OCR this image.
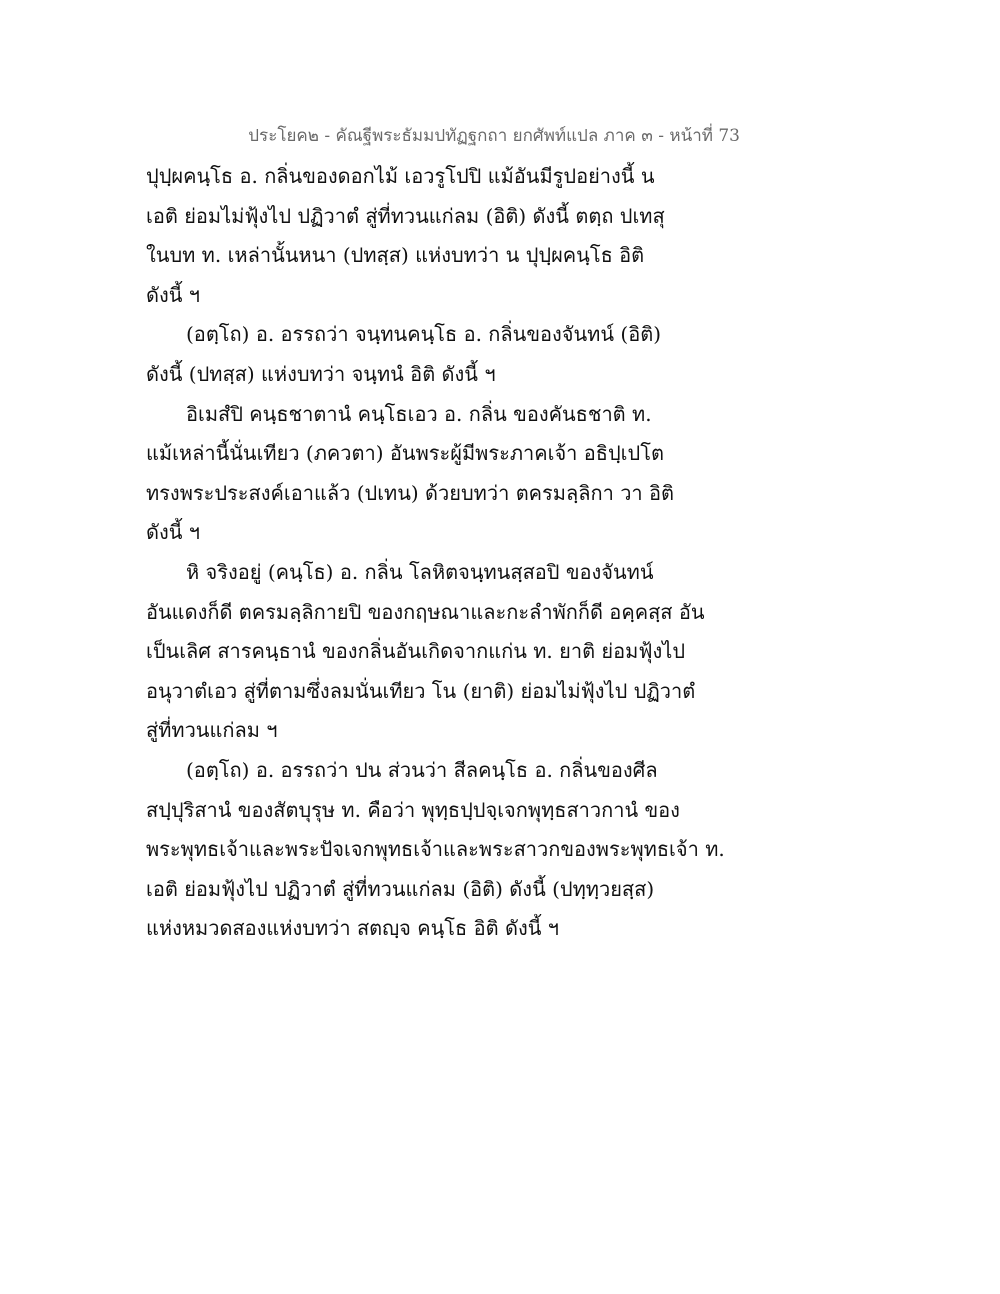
ประโยค๒ - คัณฐีพระธัมมปทัฏฐกถา ยกศัพท์แปล ภาค ๓ - หน้าที่ 73
ปุปฺผคนฺโธ อ. กลิ่นของดอกไม้ เอวรูโปปิ แม้อันมีรูปอย่างนี้ น
เอติ ย่อมไม่ฟุ้งไป ปฏิวาตํ สู่ที่ทวนแก่ลม (อิติ) ดังนี้ ตตฺถ ปเทสุ
ในบท ท. เหล่านั้นหนา (ปทสฺส) แห่งบทว่า น ปุปฺผคนฺโธ อิติ
ดังนี้ ฯ
(อตฺโถ) อ. อรรถว่า จนฺทนคนฺโธ อ. กลิ่นของจันทน์ (อิติ)
ดังนี้ (ปทสฺส) แห่งบทว่า จนฺทนํ อิติ ดังนี้ ฯ
อิเมสํปิ คนฺธชาตานํ คนฺโธเอว อ. กลิ่น ของคันธชาติ ท.
แม้เหล่านี้นั่นเทียว (ภควตา) อันพระผู้มีพระภาคเจ้า อธิปฺเปโต
ทรงพระประสงค์เอาแล้ว (ปเทน) ด้วยบทว่า ตครมลฺลิกา วา อิติ
ดังนี้ ฯ
หิ จริงอยู่ (คนฺโธ) อ. กลิ่น โลหิตจนฺทนสฺสอปิ ของจันทน์
อันแดงก็ดี ตครมลฺลิกายปิ ของกฤษณาและกะลำพักก็ดี อคฺคสฺส อัน
เป็นเลิศ สารคนฺธานํ ของกลิ่นอันเกิดจากแก่น ท. ยาติ ย่อมฟุ้งไป
อนุวาตํเอว สู่ที่ตามซึ่งลมนั่นเทียว โน (ยาติ) ย่อมไม่ฟุ้งไป ปฏิวาตํ
สู่ที่ทวนแก่ลม ฯ
(อตฺโถ) อ. อรรถว่า ปน ส่วนว่า สีลคนฺโธ อ. กลิ่นของศีล
สปฺปุริสานํ ของสัตบุรุษ ท. คือว่า พุทฺธปฺปจฺเจกพุทฺธสาวกานํ ของ
พระพุทธเจ้าและพระปัจเจกพุทธเจ้าและพระสาวกของพระพุทธเจ้า ท.
เอติ ย่อมฟุ้งไป ปฏิวาตํ สู่ที่ทวนแก่ลม (อิติ) ดังนี้ (ปทฺทฺวยสฺส)
แห่งหมวดสองแห่งบทว่า สตญฺจ คนฺโธ อิติ ดังนี้ ฯ
